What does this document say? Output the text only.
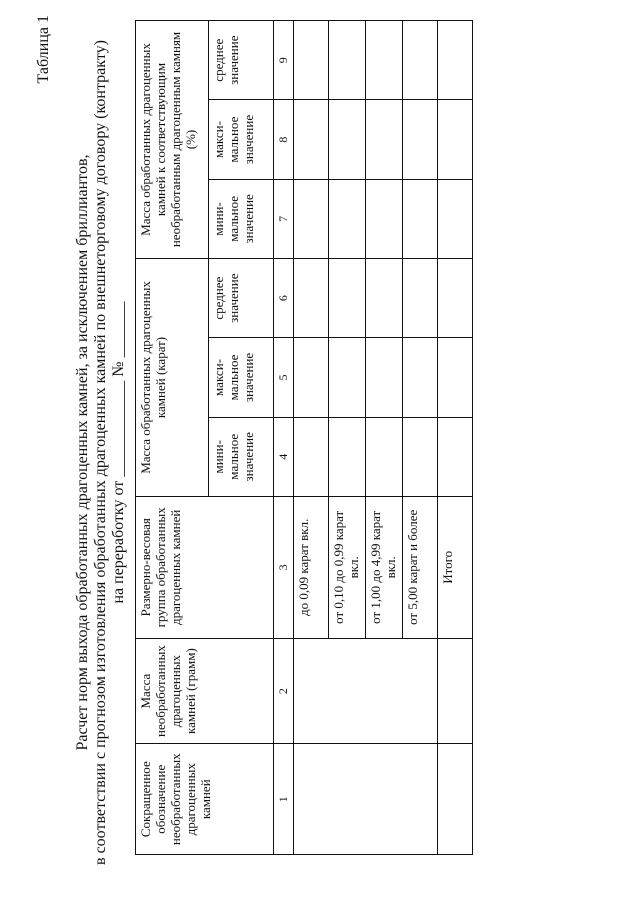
Таблица 1
Расчет норм выхода обработанных драгоценных камней, за исключением бриллиантов, в соответствии с прогнозом изготовления обработанных драгоценных камней по внешнеторговому договору (контракту) на переработку от ____________ № _______
Сокращенное обозначение необработанных драгоценных камней	Масса необработанных драгоценных камней (грамм)	Размерно-весовая группа обработанных драгоценных камней	Масса обработанных драгоценных камней (карат)			Масса обработанных драгоценных камней к соответствующим необработанным драгоценным камням (%)		
			мини-мальное значение	макси-мальное значение	среднее значение	мини-мальное значение	макси-мальное значение	среднее значение
1	2	3	4	5	6	7	8	9
		до 0,09 карат вкл.						
		от 0,10 до 0,99 карат вкл.						
		от 1,00 до 4,99 карат вкл.						
		от 5,00 карат и более						
		Итого						
